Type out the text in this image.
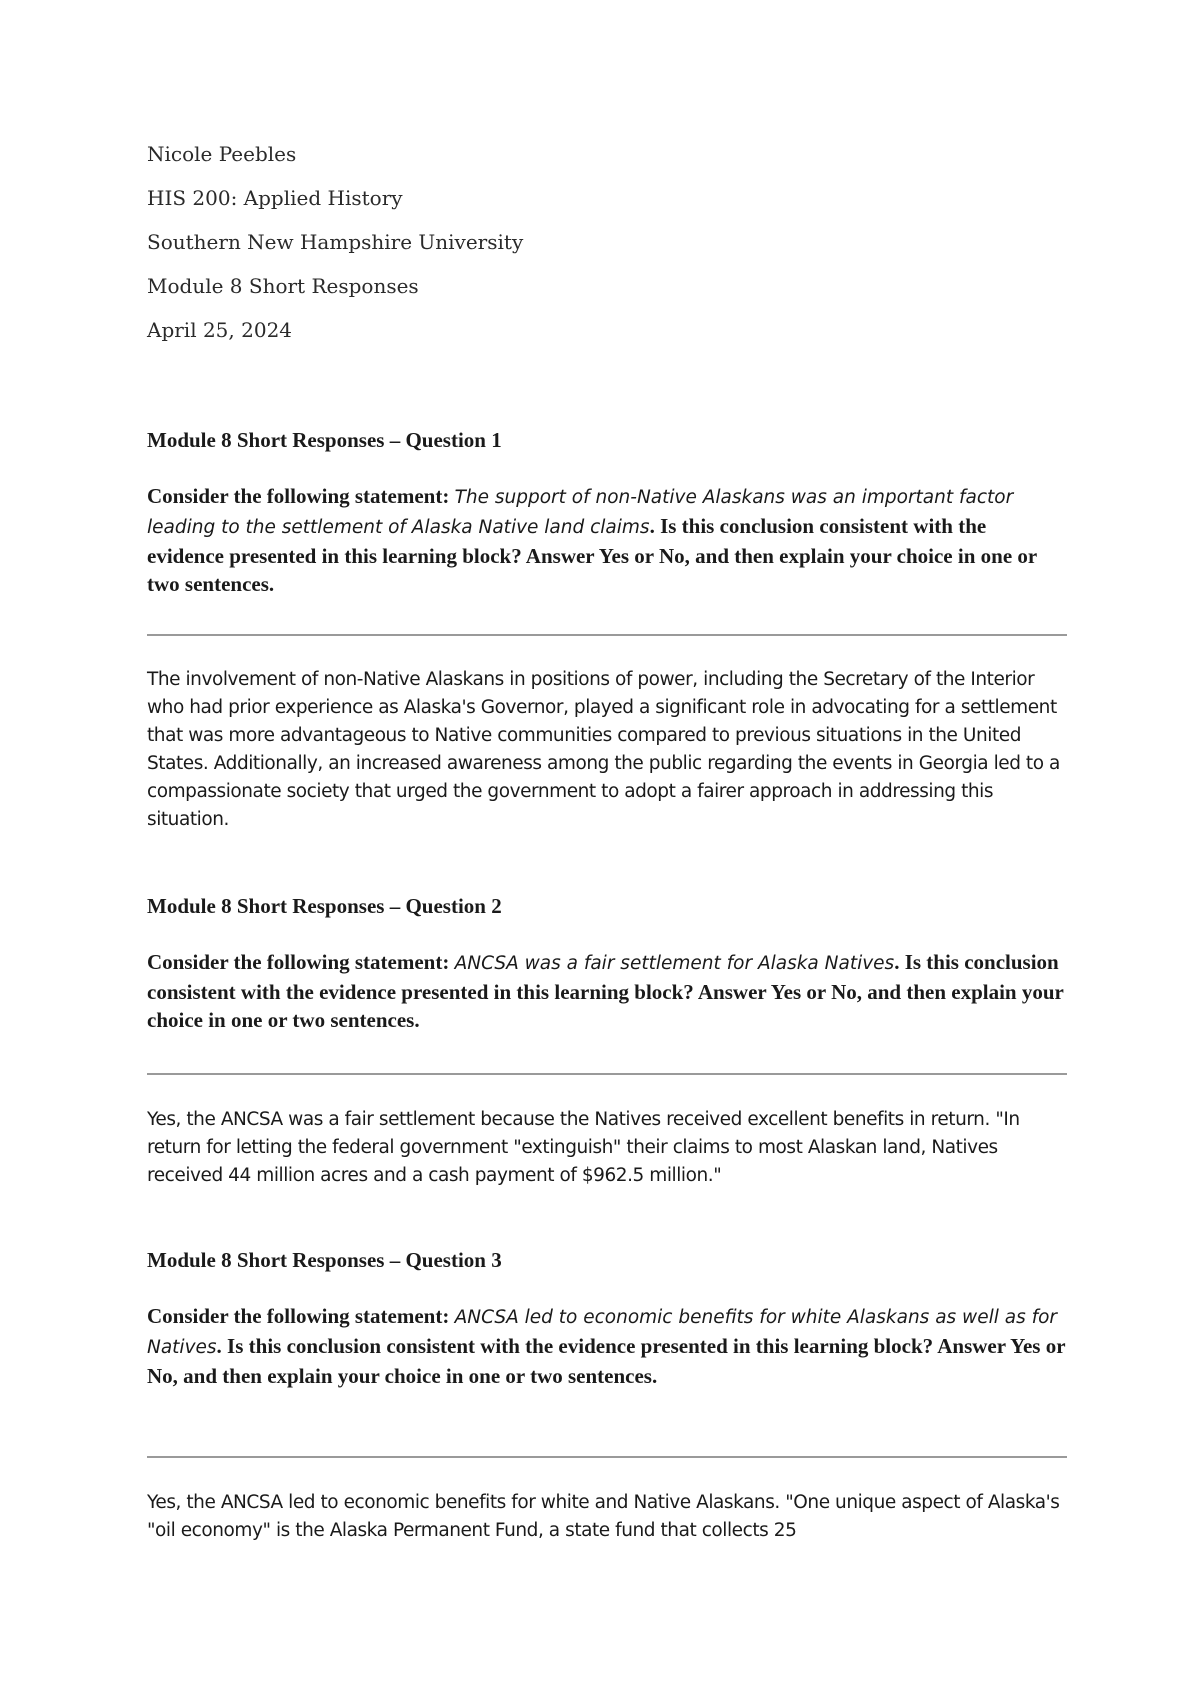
Nicole Peebles

HIS 200: Applied History

Southern New Hampshire University

Module 8 Short Responses

April 25, 2024

Module 8 Short Responses – Question 1

Consider the following statement: The support of non-Native Alaskans was an important factor leading to the settlement of Alaska Native land claims. Is this conclusion consistent with the evidence presented in this learning block? Answer Yes or No, and then explain your choice in one or two sentences.

The involvement of non-Native Alaskans in positions of power, including the Secretary of the Interior who had prior experience as Alaska's Governor, played a significant role in advocating for a settlement that was more advantageous to Native communities compared to previous situations in the United States. Additionally, an increased awareness among the public regarding the events in Georgia led to a compassionate society that urged the government to adopt a fairer approach in addressing this situation.

Module 8 Short Responses – Question 2

Consider the following statement: ANCSA was a fair settlement for Alaska Natives. Is this conclusion consistent with the evidence presented in this learning block? Answer Yes or No, and then explain your choice in one or two sentences.

Yes, the ANCSA was a fair settlement because the Natives received excellent benefits in return. "In return for letting the federal government "extinguish" their claims to most Alaskan land, Natives received 44 million acres and a cash payment of $962.5 million."

Module 8 Short Responses – Question 3

Consider the following statement: ANCSA led to economic benefits for white Alaskans as well as for Natives. Is this conclusion consistent with the evidence presented in this learning block? Answer Yes or No, and then explain your choice in one or two sentences.

Yes, the ANCSA led to economic benefits for white and Native Alaskans. "One unique aspect of Alaska's "oil economy" is the Alaska Permanent Fund, a state fund that collects 25
